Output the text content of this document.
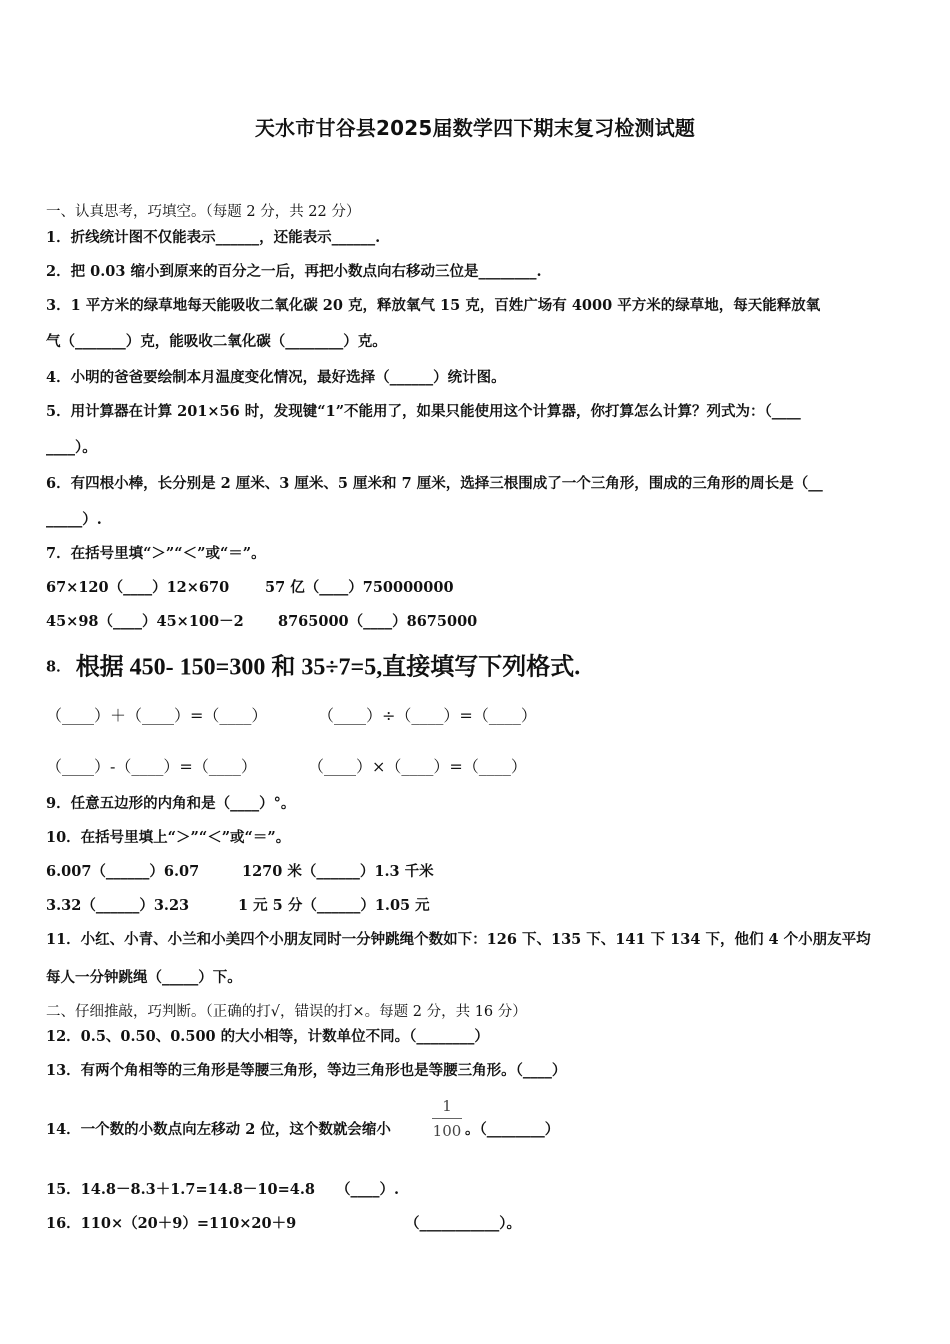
天水市甘谷县2025届数学四下期末复习检测试题
一、认真思考，巧填空。（每题 2 分，共 22 分）
1．折线统计图不仅能表示______，还能表示______.
2．把 0.03 缩小到原来的百分之一后，再把小数点向右移动三位是________.
3．1 平方米的绿草地每天能吸收二氧化碳 20 克，释放氧气 15 克，百姓广场有 4000 平方米的绿草地，每天能释放氧
气（_______）克，能吸收二氧化碳（________）克。
4．小明的爸爸要绘制本月温度变化情况，最好选择（______）统计图。
5．用计算器在计算 201×56 时，发现键“1”不能用了，如果只能使用这个计算器，你打算怎么计算？列式为：（____
____）。
6．有四根小棒，长分别是 2 厘米、3 厘米、5 厘米和 7 厘米，选择三根围成了一个三角形，围成的三角形的周长是（__
_____）.
7．在括号里填“＞”“＜”或“＝”。
67×120（____）12×670 57 亿（____）750000000
45×98（____）45×100－2 8765000（____）8675000
8． 根据 450- 150=300 和 35÷7=5,直接填写下列格式.
（____）＋（____）=（____）	（____）÷（____）=（____）
（____）-（____）=（____）	（____）×（____）=（____）
9．任意五边形的内角和是（____）°。
10．在括号里填上“＞”“＜”或“＝”。
6.007（______）6.07	1270 米（______）1.3 千米
3.32（______）3.23	1 元 5 分（______）1.05 元
11．小红、小青、小兰和小美四个小朋友同时一分钟跳绳个数如下：126 下、135 下、141 下 134 下，他们 4 个小朋友平均
每人一分钟跳绳（_____）下。
二、仔细推敲，巧判断。（正确的打√，错误的打×。每题 2 分，共 16 分）
12．0.5、0.50、0.500 的大小相等，计数单位不同。（________）
13．有两个角相等的三角形是等腰三角形，等边三角形也是等腰三角形。（____）
14．一个数的小数点向左移动 2 位，这个数就会缩小
1
100 。（________）
15．14.8－8.3＋1.7=14.8－10=4.8 （____）.
16．110×（20＋9）=110×20＋9	（___________）。
